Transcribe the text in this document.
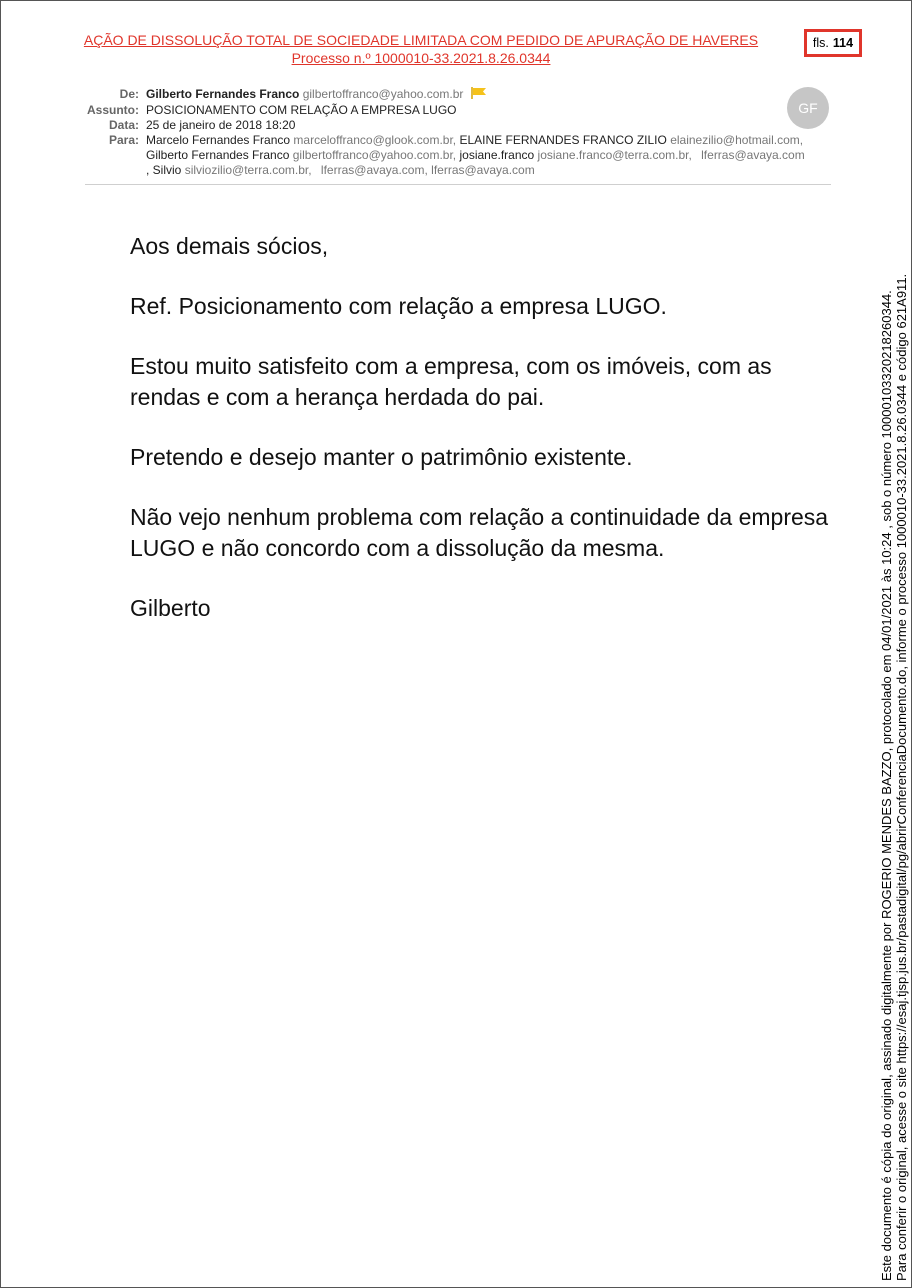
AÇÃO DE DISSOLUÇÃO TOTAL DE SOCIEDADE LIMITADA COM PEDIDO DE APURAÇÃO DE HAVERES
Processo n.º 1000010-33.2021.8.26.0344
fls. 114
De: Gilberto Fernandes Franco gilbertoffranco@yahoo.com.br
Assunto: POSICIONAMENTO COM RELAÇÃO A EMPRESA LUGO
Data: 25 de janeiro de 2018 18:20
Para: Marcelo Fernandes Franco marceloffranco@glook.com.br, ELAINE FERNANDES FRANCO ZILIO elainezilio@hotmail.com,
Gilberto Fernandes Franco gilbertoffranco@yahoo.com.br, josiane.franco josiane.franco@terra.com.br, lferras@avaya.com
, Silvio silviozilio@terra.com.br, lferras@avaya.com, lferras@avaya.com
GF

Aos demais sócios,

Ref. Posicionamento com relação a empresa LUGO.

Estou muito satisfeito com a empresa, com os imóveis, com as rendas e com a herança herdada do pai.

Pretendo e desejo manter o patrimônio existente.

Não vejo nenhum problema com relação a continuidade da empresa LUGO e não concordo com a dissolução da mesma.

Gilberto	Este documento é cópia do original, assinado digitalmente por ROGERIO MENDES BAZZO, protocolado em 04/01/2021 às 10:24 , sob o número 10000103320218260344. Para conferir o original, acesse o site https://esaj.tjsp.jus.br/pastadigital/pg/abrirConferenciaDocumento.do, informe o processo 1000010-33.2021.8.26.0344 e código 621A911.
